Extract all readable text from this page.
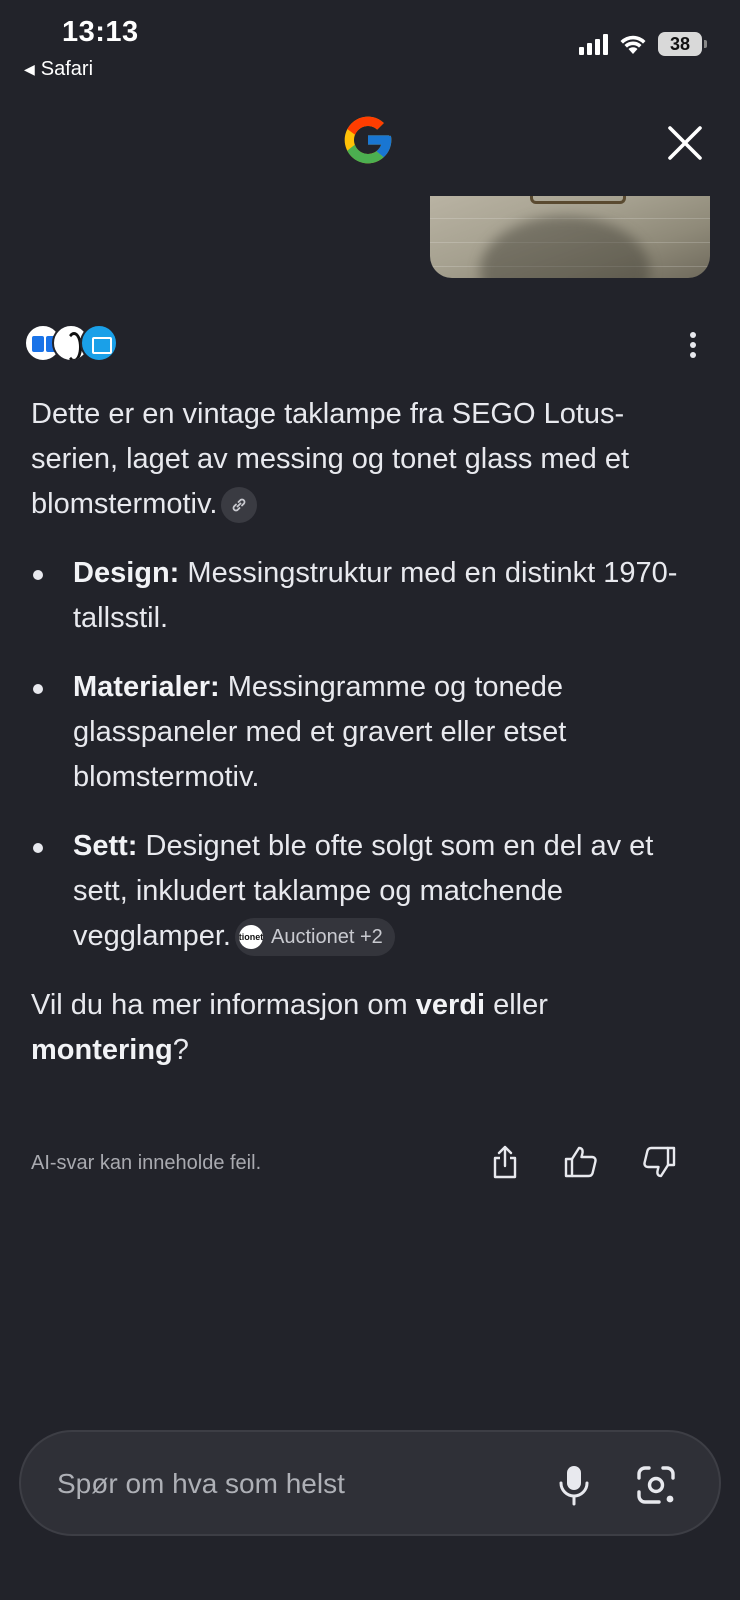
13:13
◀ Safari
38

Dette er en vintage taklampe fra SEGO Lotus-serien, laget av messing og tonet glass med et blomstermotiv.

Design: Messingstruktur med en distinkt 1970-tallsstil.
Materialer: Messingramme og tonede glasspaneler med et gravert eller etset blomstermotiv.
Sett: Designet ble ofte solgt som en del av et sett, inkludert taklampe og matchende vegglamper. tionet Auctionet +2

Vil du ha mer informasjon om verdi eller montering?

AI-svar kan inneholde feil.
Spør om hva som helst
